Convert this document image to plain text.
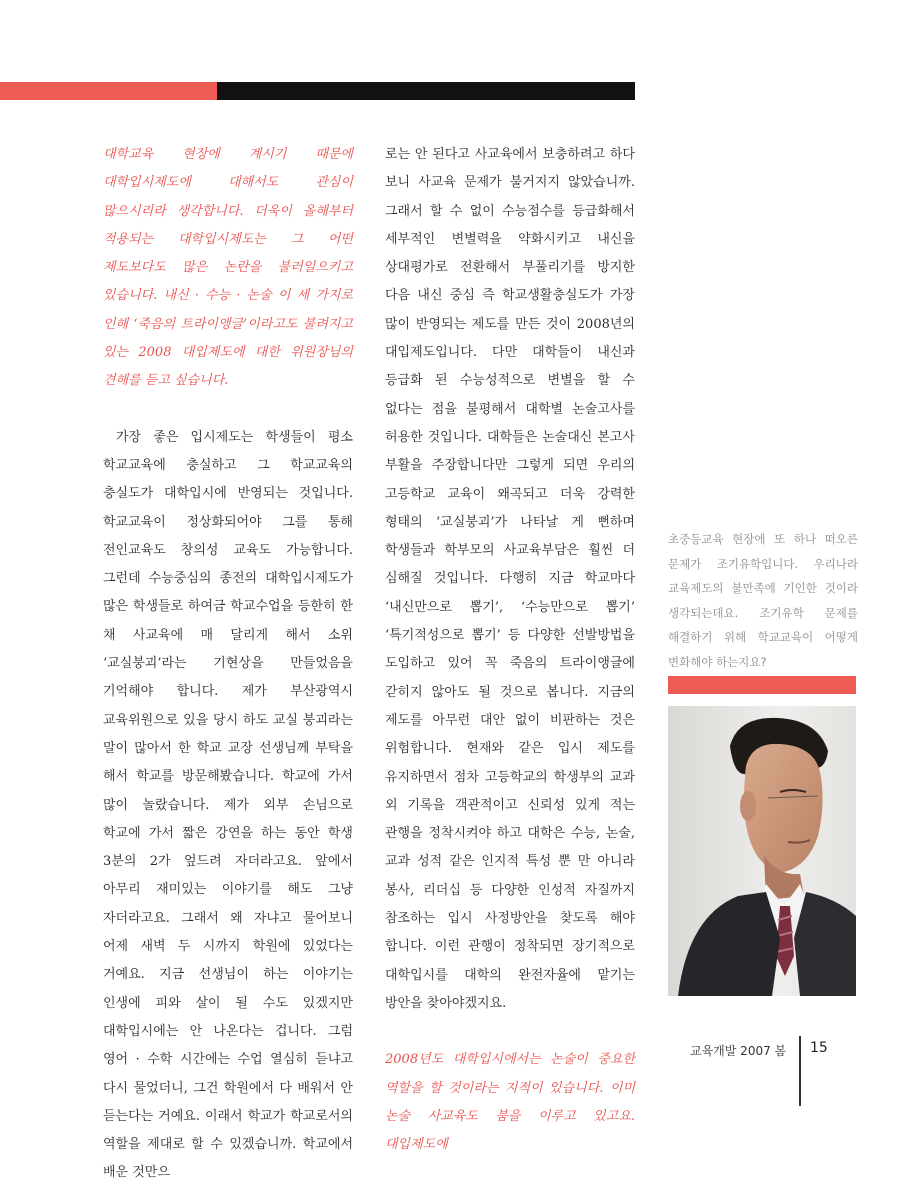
대학교육 현장에 계시기 때문에 대학입시제도에 대해서도 관심이 많으시리라 생각합니다. 더욱이 올해부터 적용되는 대학입시제도는 그 어떤 제도보다도 많은 논란을 불러일으키고 있습니다. 내신 · 수능 · 논술 이 세 가지로 인해 ‘죽음의 트라이앵글’이라고도 불려지고 있는 2008 대입제도에 대한 위원장님의 견해를 듣고 싶습니다.

가장 좋은 입시제도는 학생들이 평소 학교교육에 충실하고 그 학교교육의 충실도가 대학입시에 반영되는 것입니다. 학교교육이 정상화되어야 그를 통해 전인교육도 창의성 교육도 가능합니다. 그런데 수능중심의 종전의 대학입시제도가 많은 학생들로 하여금 학교수업을 등한히 한 채 사교육에 매 달리게 해서 소위 ‘교실붕괴’라는 기현상을 만들었음을 기억해야 합니다. 제가 부산광역시 교육위원으로 있을 당시 하도 교실 붕괴라는 말이 많아서 한 학교 교장 선생님께 부탁을 해서 학교를 방문해봤습니다. 학교에 가서 많이 놀랐습니다. 제가 외부 손님으로 학교에 가서 짧은 강연을 하는 동안 학생 3분의 2가 엎드려 자더라고요. 앞에서 아무리 재미있는 이야기를 해도 그냥 자더라고요. 그래서 왜 자냐고 물어보니 어제 새벽 두 시까지 학원에 있었다는 거예요. 지금 선생님이 하는 이야기는 인생에 피와 살이 될 수도 있겠지만 대학입시에는 안 나온다는 겁니다. 그럼 영어 · 수학 시간에는 수업 열심히 듣냐고 다시 물었더니, 그건 학원에서 다 배워서 안 듣는다는 거예요. 이래서 학교가 학교로서의 역할을 제대로 할 수 있겠습니까. 학교에서 배운 것만으

로는 안 된다고 사교육에서 보충하려고 하다 보니 사교육 문제가 불거지지 않았습니까. 그래서 할 수 없이 수능점수를 등급화해서 세부적인 변별력을 약화시키고 내신을 상대평가로 전환해서 부풀리기를 방지한 다음 내신 중심 즉 학교생활충실도가 가장 많이 반영되는 제도를 만든 것이 2008년의 대입제도입니다. 다만 대학들이 내신과 등급화 된 수능성적으로 변별을 할 수 없다는 점을 불평해서 대학별 논술고사를 허용한 것입니다. 대학들은 논술대신 본고사 부활을 주장합니다만 그렇게 되면 우리의 고등학교 교육이 왜곡되고 더욱 강력한 형태의 ‘교실붕괴’가 나타날 게 뻔하며 학생들과 학부모의 사교육부담은 훨씬 더 심해질 것입니다. 다행히 지금 학교마다 ‘내신만으로 뽑기’, ‘수능만으로 뽑기’ ‘특기적성으로 뽑기’ 등 다양한 선발방법을 도입하고 있어 꼭 죽음의 트라이앵글에 갇히지 않아도 될 것으로 봅니다. 지금의 제도를 아무런 대안 없이 비판하는 것은 위험합니다. 현재와 같은 입시 제도를 유지하면서 점차 고등학교의 학생부의 교과 외 기록을 객관적이고 신뢰성 있게 적는 관행을 정착시켜야 하고 대학은 수능, 논술, 교과 성적 같은 인지적 특성 뿐 만 아니라 봉사, 리더십 등 다양한 인성적 자질까지 참조하는 입시 사정방안을 찾도록 해야 합니다. 이런 관행이 정착되면 장기적으로 대학입시를 대학의 완전자율에 맡기는 방안을 찾아야겠지요.

2008년도 대학입시에서는 논술이 중요한 역할을 할 것이라는 지적이 있습니다. 이미 논술 사교육도 붐을 이루고 있고요. 대입제도에

초중등교육 현장에 또 하나 떠오른 문제가 조기유학입니다. 우리나라 교육제도의 불만족에 기인한 것이라 생각되는데요. 조기유학 문제를 해결하기 위해 학교교육이 어떻게 변화해야 하는지요?
교육개발 2007 봄 15
